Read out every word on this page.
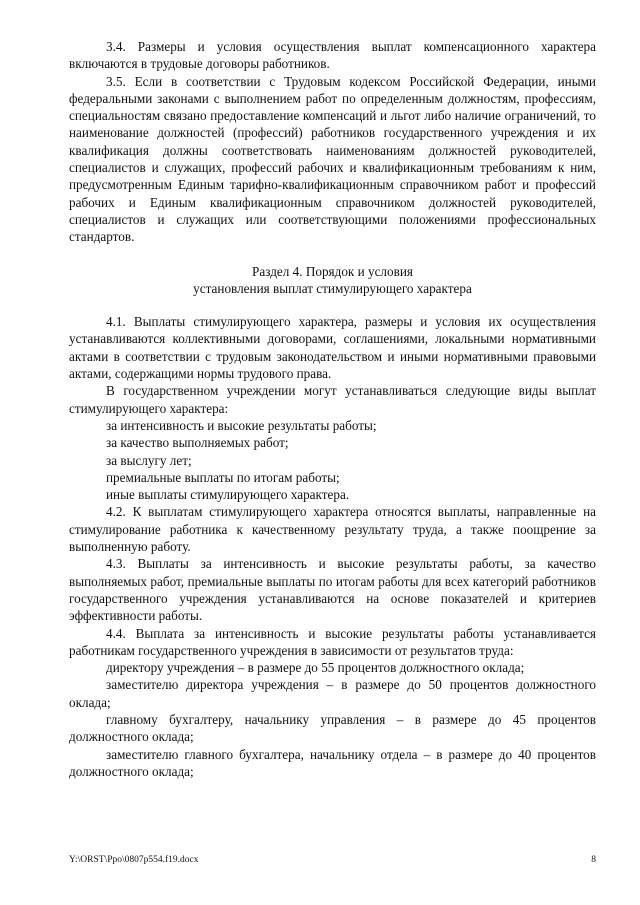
3.4. Размеры и условия осуществления выплат компенсационного характера включаются в трудовые договоры работников.

3.5. Если в соответствии с Трудовым кодексом Российской Федерации, иными федеральными законами с выполнением работ по определенным должностям, профессиям, специальностям связано предоставление компенсаций и льгот либо наличие ограничений, то наименование должностей (профессий) работников государственного учреждения и их квалификация должны соответствовать наименованиям должностей руководителей, специалистов и служащих, профессий рабочих и квалификационным требованиям к ним, предусмотренным Единым тарифно-квалификационным справочником работ и профессий рабочих и Единым квалификационным справочником должностей руководителей, специалистов и служащих или соответствующими положениями профессиональных стандартов.

Раздел 4. Порядок и условия
установления выплат стимулирующего характера

4.1. Выплаты стимулирующего характера, размеры и условия их осуществления устанавливаются коллективными договорами, соглашениями, локальными нормативными актами в соответствии с трудовым законодательством и иными нормативными правовыми актами, содержащими нормы трудового права.

В государственном учреждении могут устанавливаться следующие виды выплат стимулирующего характера:

за интенсивность и высокие результаты работы;

за качество выполняемых работ;

за выслугу лет;

премиальные выплаты по итогам работы;

иные выплаты стимулирующего характера.

4.2. К выплатам стимулирующего характера относятся выплаты, направленные на стимулирование работника к качественному результату труда, а также поощрение за выполненную работу.

4.3. Выплаты за интенсивность и высокие результаты работы, за качество выполняемых работ, премиальные выплаты по итогам работы для всех категорий работников государственного учреждения устанавливаются на основе показателей и критериев эффективности работы.

4.4. Выплата за интенсивность и высокие результаты работы устанавливается работникам государственного учреждения в зависимости от результатов труда:

директору учреждения – в размере до 55 процентов должностного оклада;

заместителю директора учреждения – в размере до 50 процентов должностного оклада;

главному бухгалтеру, начальнику управления – в размере до 45 процентов должностного оклада;

заместителю главного бухгалтера, начальнику отдела – в размере до 40 процентов должностного оклада;

Y:\ORST\Ppo\0807p554.f19.docx	8
